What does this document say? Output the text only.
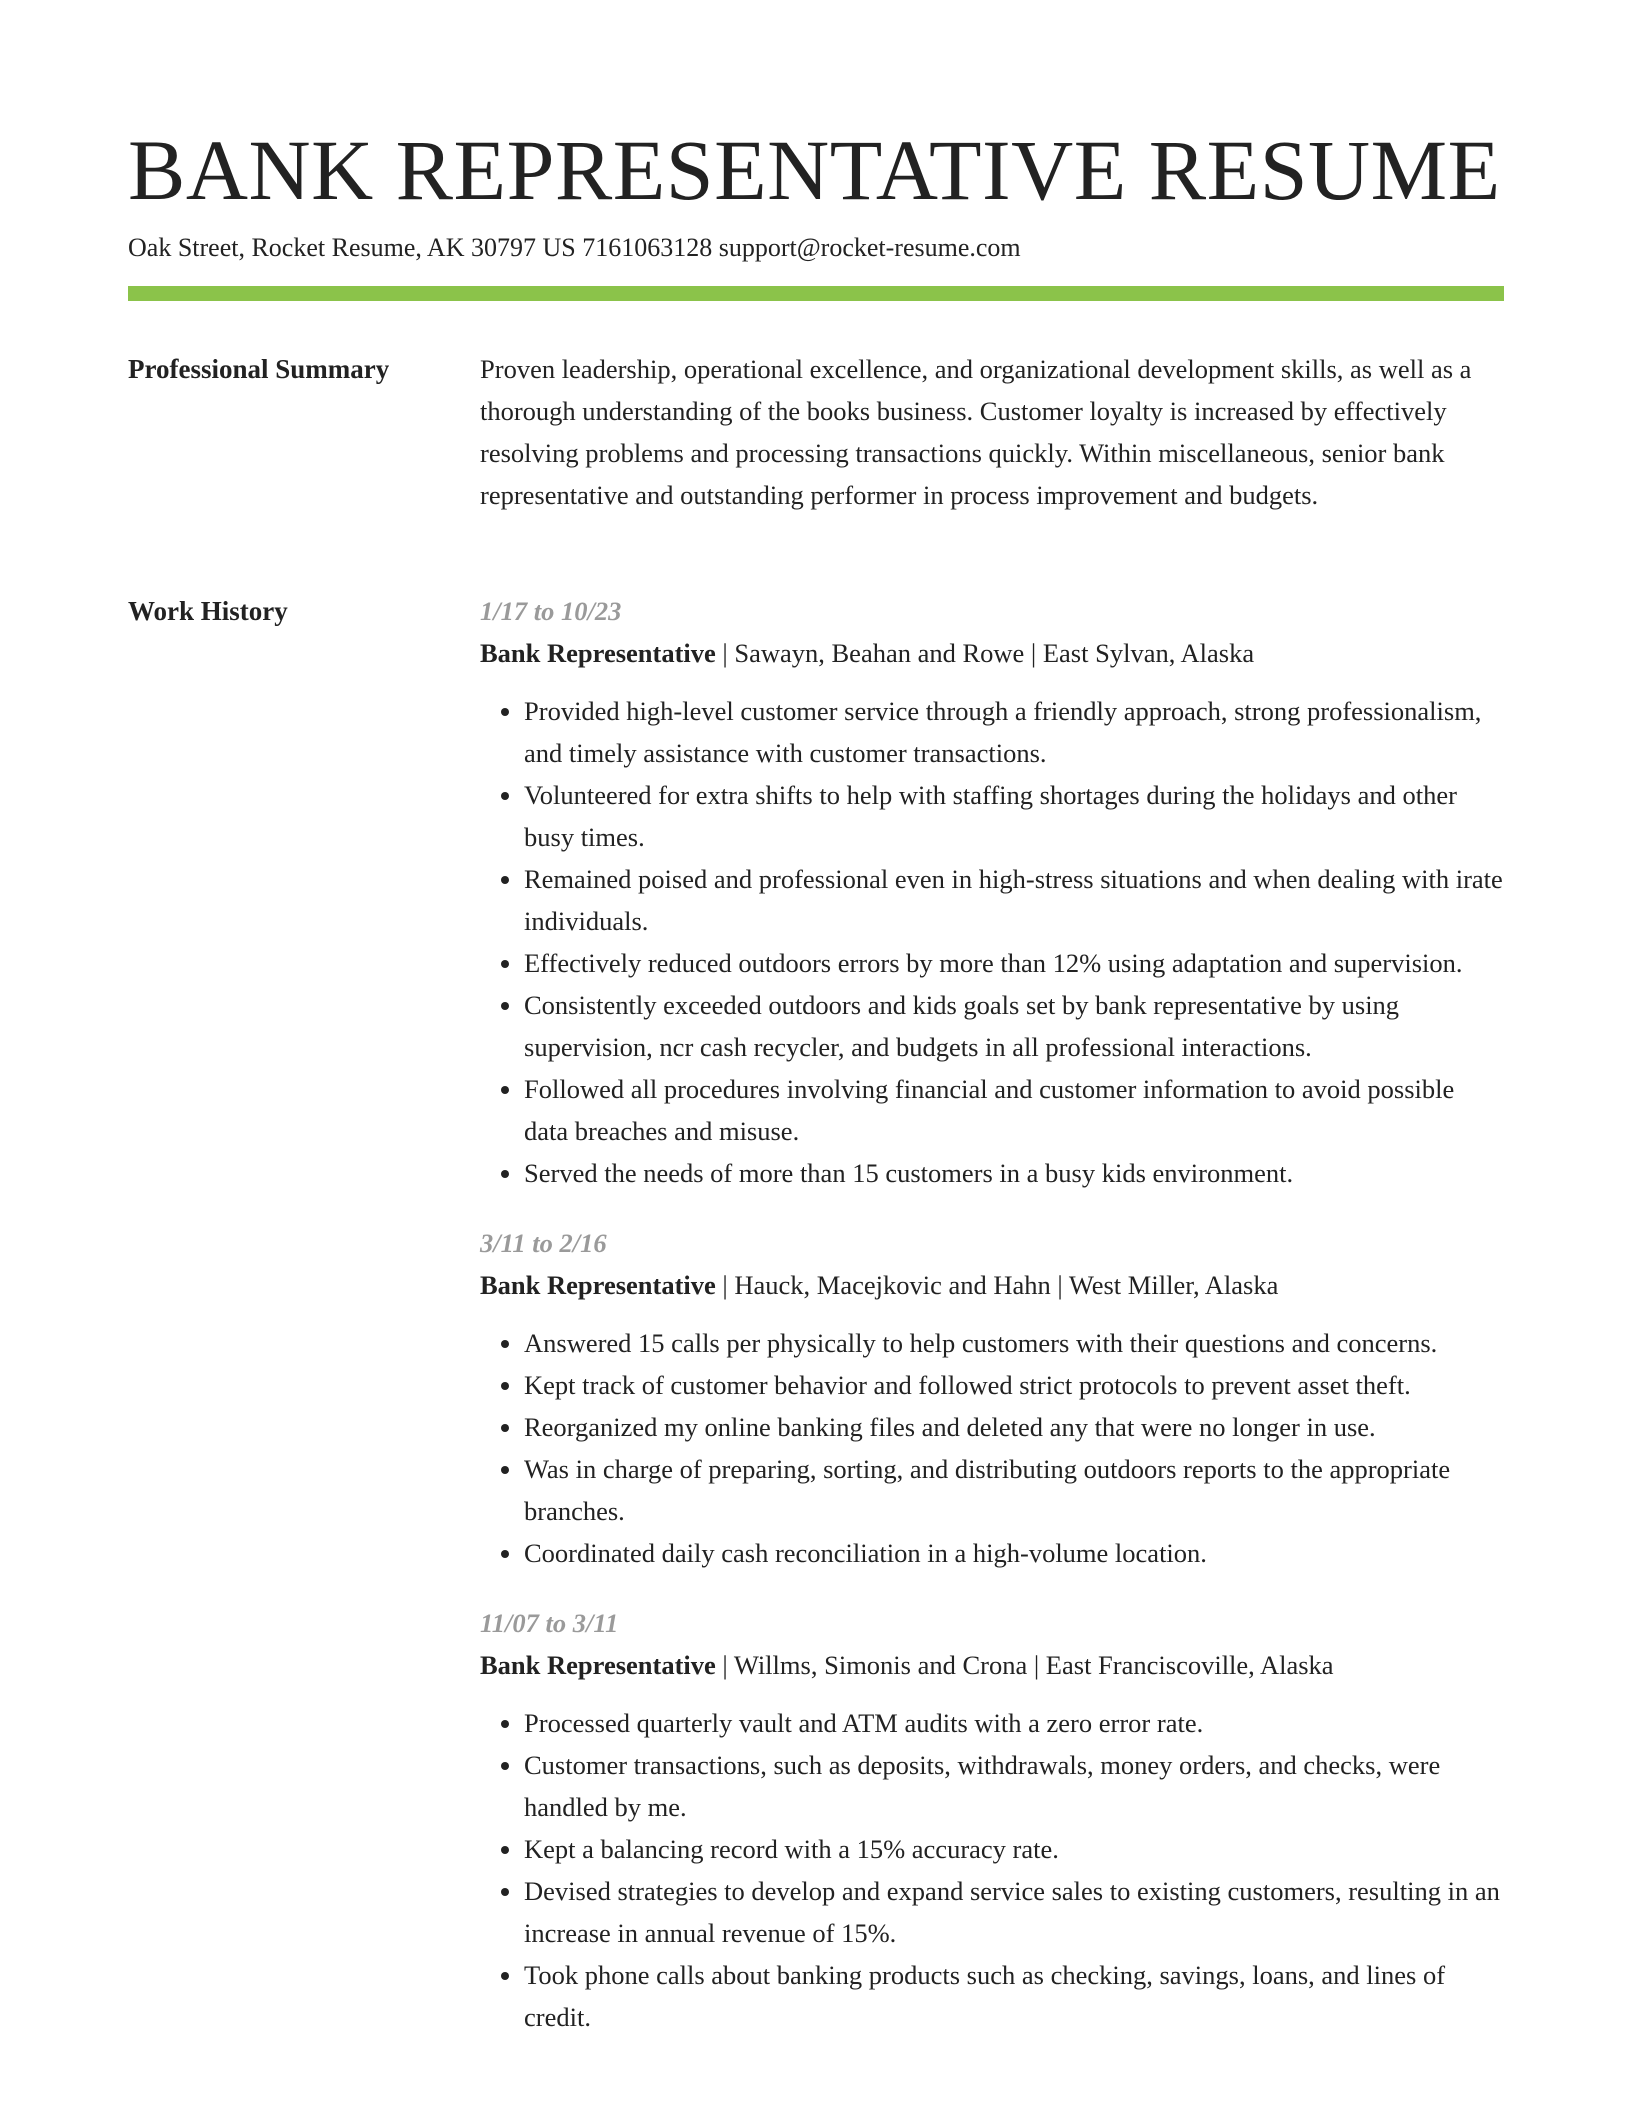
BANK REPRESENTATIVE RESUME
Oak Street, Rocket Resume, AK 30797 US 7161063128 support@rocket-resume.com
Professional Summary	Proven leadership, operational excellence, and organizational development skills, as well as a thorough understanding of the books business. Customer loyalty is increased by effectively resolving problems and processing transactions quickly. Within miscellaneous, senior bank representative and outstanding performer in process improvement and budgets.

Work History	1/17 to 10/23
Bank Representative | Sawayn, Beahan and Rowe | East Sylvan, Alaska
• Provided high-level customer service through a friendly approach, strong professionalism, and timely assistance with customer transactions.
• Volunteered for extra shifts to help with staffing shortages during the holidays and other busy times.
• Remained poised and professional even in high-stress situations and when dealing with irate individuals.
• Effectively reduced outdoors errors by more than 12% using adaptation and supervision.
• Consistently exceeded outdoors and kids goals set by bank representative by using supervision, ncr cash recycler, and budgets in all professional interactions.
• Followed all procedures involving financial and customer information to avoid possible data breaches and misuse.
• Served the needs of more than 15 customers in a busy kids environment.
3/11 to 2/16
Bank Representative | Hauck, Macejkovic and Hahn | West Miller, Alaska
• Answered 15 calls per physically to help customers with their questions and concerns.
• Kept track of customer behavior and followed strict protocols to prevent asset theft.
• Reorganized my online banking files and deleted any that were no longer in use.
• Was in charge of preparing, sorting, and distributing outdoors reports to the appropriate branches.
• Coordinated daily cash reconciliation in a high-volume location.
11/07 to 3/11
Bank Representative | Willms, Simonis and Crona | East Franciscoville, Alaska
• Processed quarterly vault and ATM audits with a zero error rate.
• Customer transactions, such as deposits, withdrawals, money orders, and checks, were handled by me.
• Kept a balancing record with a 15% accuracy rate.
• Devised strategies to develop and expand service sales to existing customers, resulting in an increase in annual revenue of 15%.
• Took phone calls about banking products such as checking, savings, loans, and lines of credit.
